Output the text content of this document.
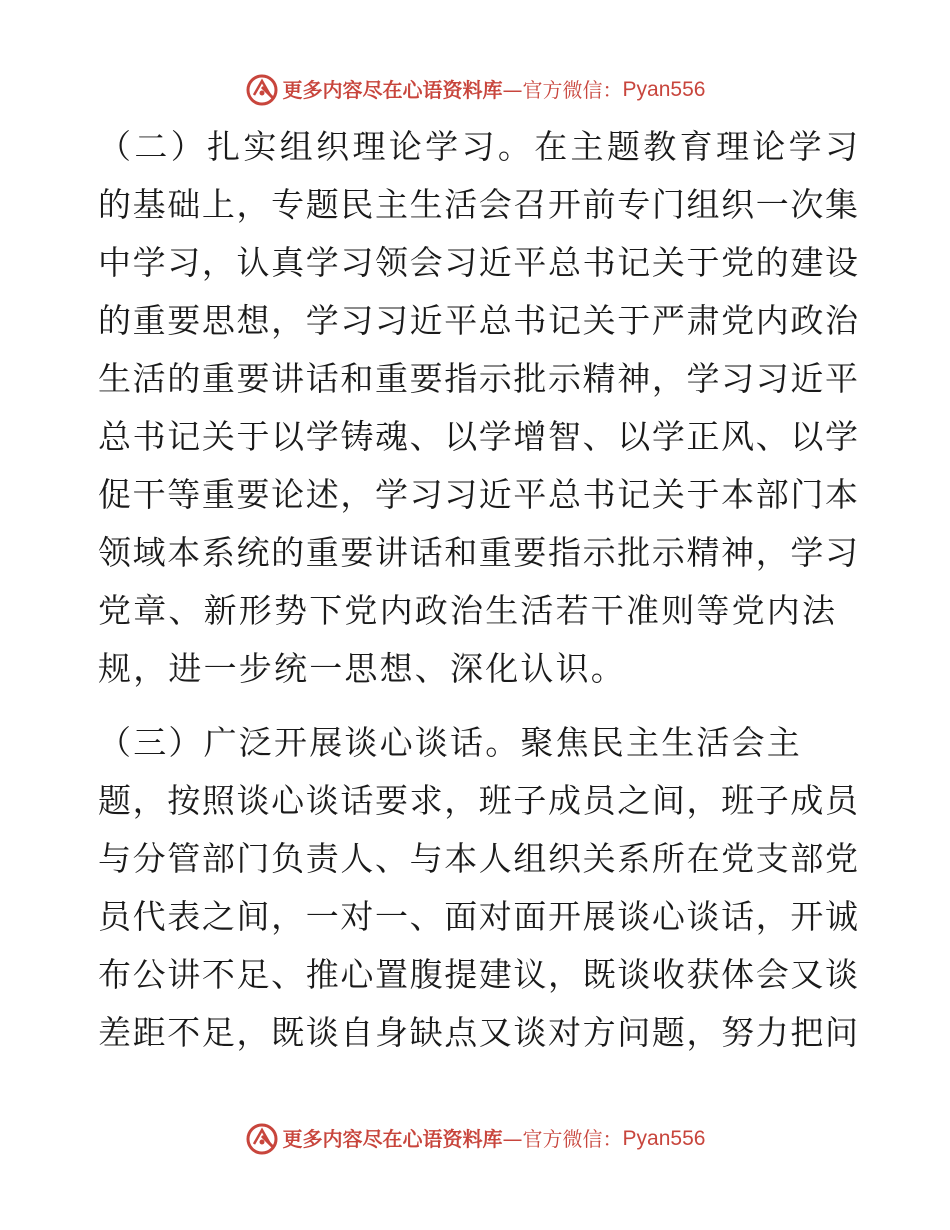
更多内容尽在心语资料库 — 官方微信： Pyan556
（二）扎实组织理论学习。在主题教育理论学习
的基础上，专题民主生活会召开前专门组织一次集
中学习，认真学习领会习近平总书记关于党的建设
的重要思想，学习习近平总书记关于严肃党内政治
生活的重要讲话和重要指示批示精神，学习习近平
总书记关于以学铸魂、以学增智、以学正风、以学
促干等重要论述，学习习近平总书记关于本部门本
领域本系统的重要讲话和重要指示批示精神，学习
党章、新形势下党内政治生活若干准则等党内法
规，进一步统一思想、深化认识。
（三）广泛开展谈心谈话。聚焦民主生活会主
题，按照谈心谈话要求，班子成员之间，班子成员
与分管部门负责人、与本人组织关系所在党支部党
员代表之间，一对一、面对面开展谈心谈话，开诚
布公讲不足、推心置腹提建议，既谈收获体会又谈
差距不足，既谈自身缺点又谈对方问题，努力把问
更多内容尽在心语资料库 — 官方微信： Pyan556
